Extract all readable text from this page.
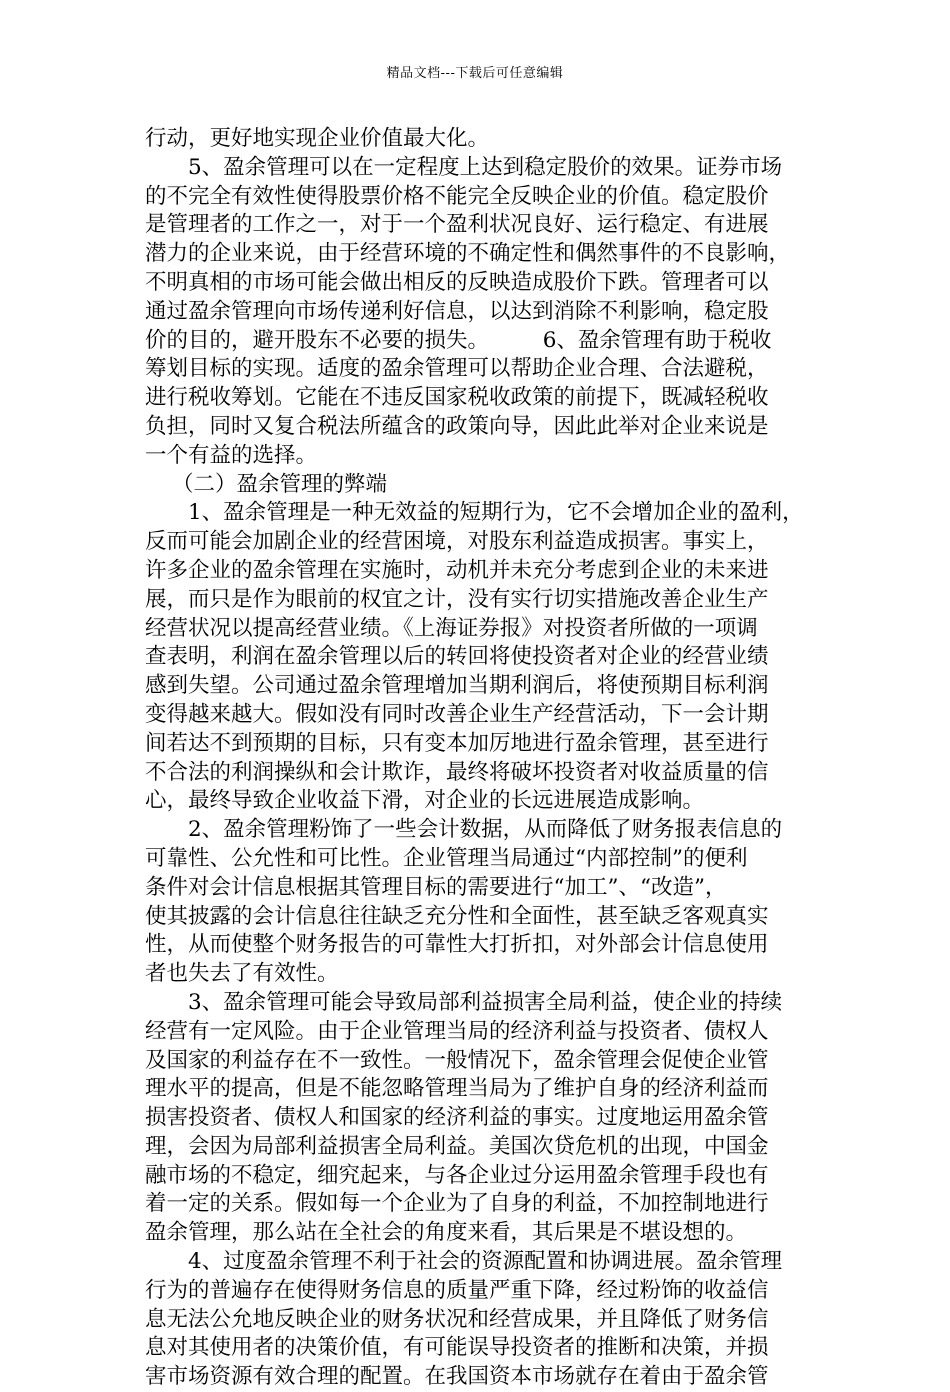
精品文档---下载后可任意编辑
行动，更好地实现企业价值最大化。
5、盈余管理可以在一定程度上达到稳定股价的效果。证券市场
的不完全有效性使得股票价格不能完全反映企业的价值。稳定股价
是管理者的工作之一，对于一个盈利状况良好、运行稳定、有进展
潜力的企业来说，由于经营环境的不确定性和偶然事件的不良影响，
不明真相的市场可能会做出相反的反映造成股价下跌。管理者可以
通过盈余管理向市场传递利好信息，以达到消除不利影响，稳定股
价的目的，避开股东不必要的损失。　　　6、盈余管理有助于税收
筹划目标的实现。适度的盈余管理可以帮助企业合理、合法避税，
进行税收筹划。它能在不违反国家税收政策的前提下，既减轻税收
负担，同时又复合税法所蕴含的政策向导，因此此举对企业来说是
一个有益的选择。
（二）盈余管理的弊端
1、盈余管理是一种无效益的短期行为，它不会增加企业的盈利，
反而可能会加剧企业的经营困境，对股东利益造成损害。事实上，
许多企业的盈余管理在实施时，动机并未充分考虑到企业的未来进
展，而只是作为眼前的权宜之计，没有实行切实措施改善企业生产
经营状况以提高经营业绩。《上海证券报》对投资者所做的一项调
查表明，利润在盈余管理以后的转回将使投资者对企业的经营业绩
感到失望。公司通过盈余管理增加当期利润后，将使预期目标利润
变得越来越大。假如没有同时改善企业生产经营活动，下一会计期
间若达不到预期的目标，只有变本加厉地进行盈余管理，甚至进行
不合法的利润操纵和会计欺诈，最终将破坏投资者对收益质量的信
心，最终导致企业收益下滑，对企业的长远进展造成影响。
2、盈余管理粉饰了一些会计数据，从而降低了财务报表信息的
可靠性、公允性和可比性。企业管理当局通过“内部控制”的便利
条件对会计信息根据其管理目标的需要进行“加工”、“改造”，
使其披露的会计信息往往缺乏充分性和全面性，甚至缺乏客观真实
性，从而使整个财务报告的可靠性大打折扣，对外部会计信息使用
者也失去了有效性。
3、盈余管理可能会导致局部利益损害全局利益，使企业的持续
经营有一定风险。由于企业管理当局的经济利益与投资者、债权人
及国家的利益存在不一致性。一般情况下，盈余管理会促使企业管
理水平的提高，但是不能忽略管理当局为了维护自身的经济利益而
损害投资者、债权人和国家的经济利益的事实。过度地运用盈余管
理，会因为局部利益损害全局利益。美国次贷危机的出现，中国金
融市场的不稳定，细究起来，与各企业过分运用盈余管理手段也有
着一定的关系。假如每一个企业为了自身的利益，不加控制地进行
盈余管理，那么站在全社会的角度来看，其后果是不堪设想的。
4、过度盈余管理不利于社会的资源配置和协调进展。盈余管理
行为的普遍存在使得财务信息的质量严重下降，经过粉饰的收益信
息无法公允地反映企业的财务状况和经营成果，并且降低了财务信
息对其使用者的决策价值，有可能误导投资者的推断和决策，并损
害市场资源有效合理的配置。在我国资本市场就存在着由于盈余管
